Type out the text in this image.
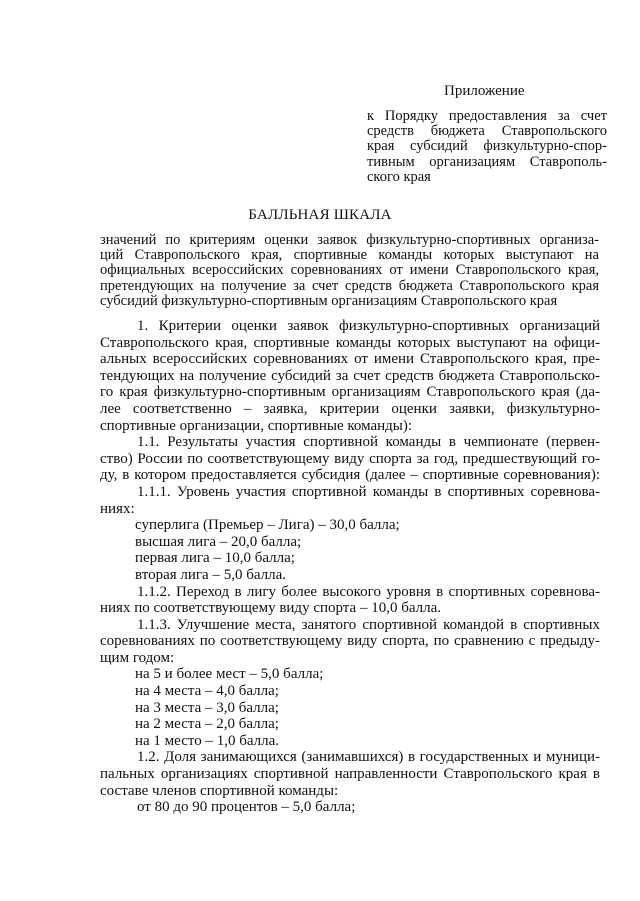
Приложение
к Порядку предоставления за счет
средств бюджета Ставропольского
края субсидий физкультурно-спор-
тивным организациям Ставрополь-
ского края
БАЛЛЬНАЯ ШКАЛА
значений по критериям оценки заявок физкультурно-спортивных организа-
ций Ставропольского края, спортивные команды которых выступают на
официальных всероссийских соревнованиях от имени Ставропольского края,
претендующих на получение за счет средств бюджета Ставропольского края
субсидий физкультурно-спортивным организациям Ставропольского края
1. Критерии оценки заявок физкультурно-спортивных организаций
Ставропольского края, спортивные команды которых выступают на офици-
альных всероссийских соревнованиях от имени Ставропольского края, пре-
тендующих на получение субсидий за счет средств бюджета Ставропольско-
го края физкультурно-спортивным организациям Ставропольского края (да-
лее соответственно – заявка, критерии оценки заявки, физкультурно-
спортивные организации, спортивные команды):
1.1. Результаты участия спортивной команды в чемпионате (первен-
ство) России по соответствующему виду спорта за год, предшествующий го-
ду, в котором предоставляется субсидия (далее – спортивные соревнования):
1.1.1. Уровень участия спортивной команды в спортивных соревнова-
ниях:
суперлига (Премьер – Лига) – 30,0 балла;
высшая лига – 20,0 балла;
первая лига – 10,0 балла;
вторая лига – 5,0 балла.
1.1.2. Переход в лигу более высокого уровня в спортивных соревнова-
ниях по соответствующему виду спорта – 10,0 балла.
1.1.3. Улучшение места, занятого спортивной командой в спортивных
соревнованиях по соответствующему виду спорта, по сравнению с предыду-
щим годом:
на 5 и более мест – 5,0 балла;
на 4 места – 4,0 балла;
на 3 места – 3,0 балла;
на 2 места – 2,0 балла;
на 1 место – 1,0 балла.
1.2. Доля занимающихся (занимавшихся) в государственных и муници-
пальных организациях спортивной направленности Ставропольского края в
составе членов спортивной команды:
от 80 до 90 процентов – 5,0 балла;
